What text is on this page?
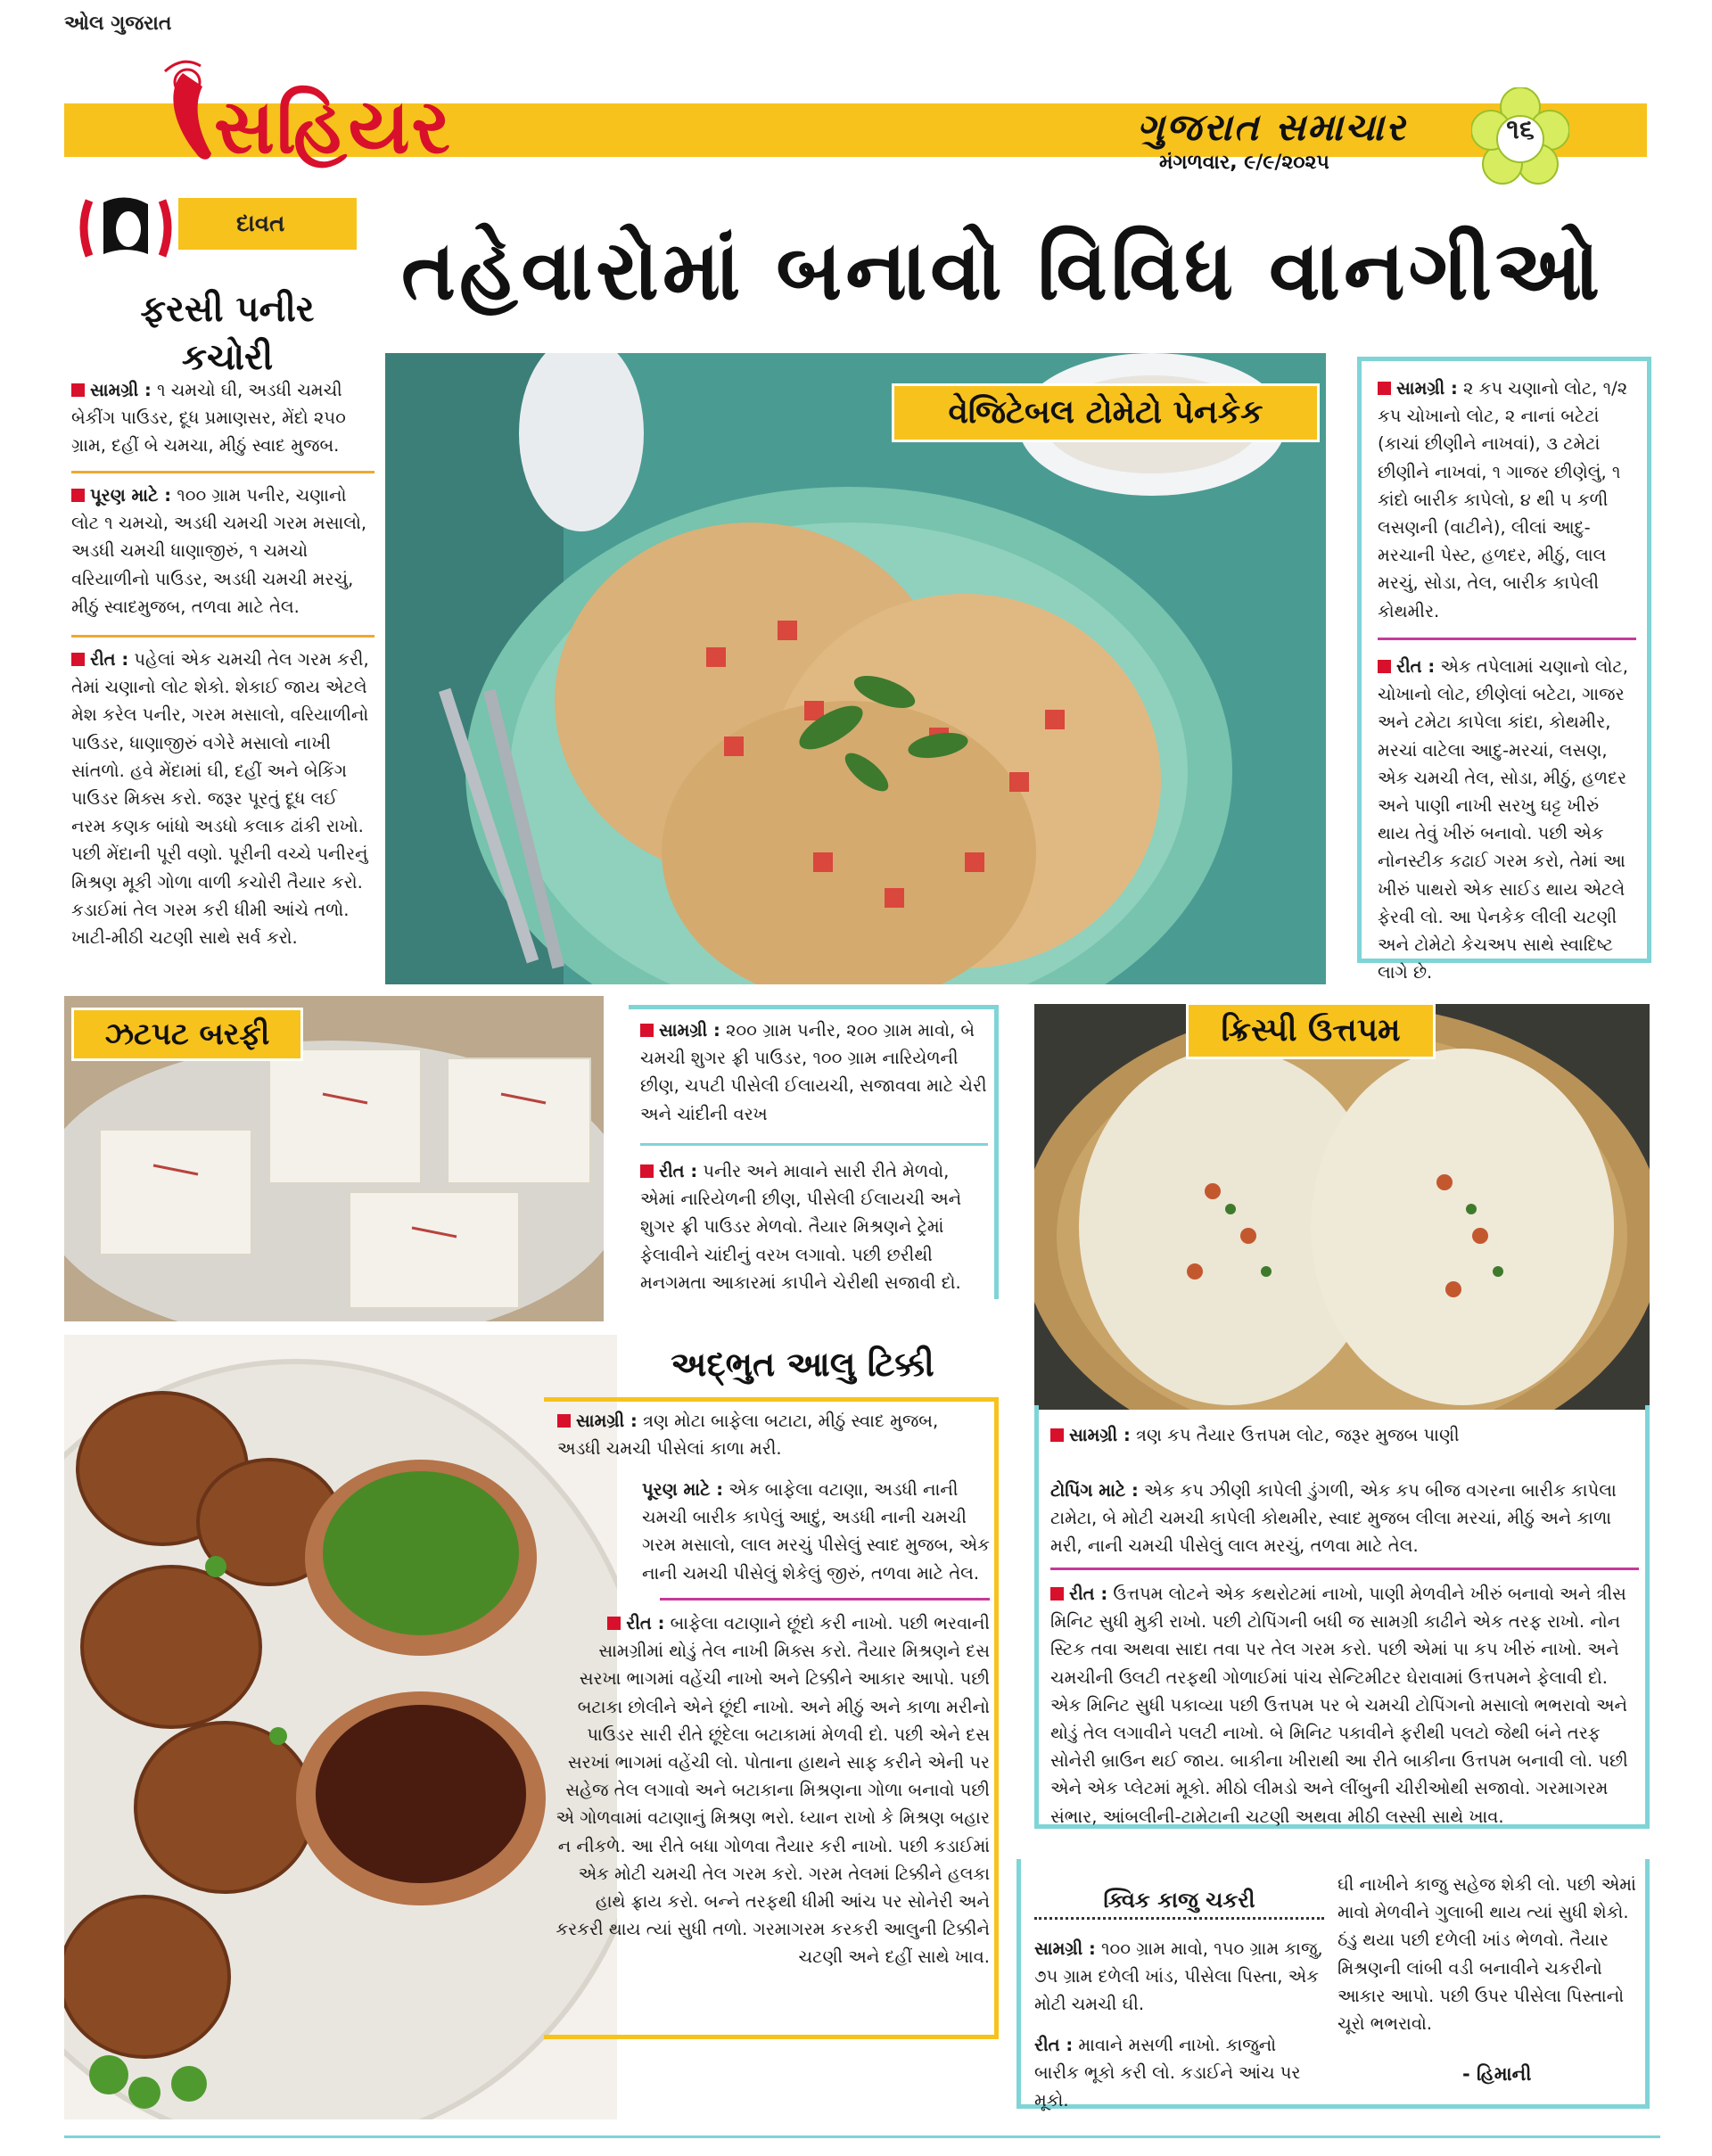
ઓલ ગુજરાત
સહિયર	ગુજરાત સમાચાર
મંગળવાર, ૯/૯/૨૦૨૫
૧૬
દાવત તહેવારોમાં બનાવો વિવિધ વાનગીઓ
ફરસી પનીર
કચોરી
સામગ્રી : ૧ ચમચો ઘી, અડધી ચમચી બેકીંગ પાઉડર, દૂધ પ્રમાણસર, મેંદો ૨૫૦ ગ્રામ, દહીં બે ચમચા, મીઠું સ્વાદ મુજબ.
પૂરણ માટે : ૧૦૦ ગ્રામ પનીર, ચણાનો લોટ ૧ ચમચો, અડધી ચમચી ગરમ મસાલો, અડધી ચમચી ધાણાજીરું, ૧ ચમચો વરિયાળીનો પાઉડર, અડધી ચમચી મરચું, મીઠું સ્વાદમુજબ, તળવા માટે તેલ.
રીત : પહેલાં એક ચમચી તેલ ગરમ કરી, તેમાં ચણાનો લોટ શેકો. શેકાઈ જાય એટલે મેશ કરેલ પનીર, ગરમ મસાલો, વરિયાળીનો પાઉડર, ધાણાજીરું વગેરે મસાલો નાખી સાંતળો. હવે મેંદામાં ઘી, દહીં અને બેકિંગ પાઉડર મિક્સ કરો. જરૂર પૂરતું દૂધ લઈ નરમ કણક બાંધો અડધો કલાક ઢાંકી રાખો. પછી મેંદાની પૂરી વણો. પૂરીની વચ્ચે પનીરનું મિશ્રણ મૂકી ગોળા વાળી કચોરી તૈયાર કરો. કડાઈમાં તેલ ગરમ કરી ધીમી આંચે તળો. ખાટી-મીઠી ચટણી સાથે સર્વ કરો.
વેજિટેબલ ટોમેટો પેનકેક
સામગ્રી : ૨ કપ ચણાનો લોટ, ૧/૨ કપ ચોખાનો લોટ, ૨ નાનાં બટેટાં (કાચાં છીણીને નાખવાં), ૩ ટમેટાં છીણીને નાખવાં, ૧ ગાજર છીણેલું, ૧ કાંદો બારીક કાપેલો, ૪ થી ૫ કળી લસણની (વાટીને), લીલાં આદુ-મરચાની પેસ્ટ, હળદર, મીઠું, લાલ મરચું, સોડા, તેલ, બારીક કાપેલી કોથમીર.
રીત : એક તપેલામાં ચણાનો લોટ, ચોખાનો લોટ, છીણેલાં બટેટા, ગાજર અને ટમેટા કાપેલા કાંદા, કોથમીર, મરચાં વાટેલા આદુ-મરચાં, લસણ, એક ચમચી તેલ, સોડા, મીઠું, હળદર અને પાણી નાખી સરખુ ઘટ્ટ ખીરું થાય તેવું ખીરું બનાવો. પછી એક નોનસ્ટીક કઢાઈ ગરમ કરો, તેમાં આ ખીરું પાથરો એક સાઈડ થાય એટલે ફેરવી લો. આ પેનકેક લીલી ચટણી અને ટોમેટો કેચઅપ સાથે સ્વાદિષ્ટ લાગે છે.
ઝટપટ બરફી	સામગ્રી : ૨૦૦ ગ્રામ પનીર, ૨૦૦ ગ્રામ માવો, બે ચમચી શુગર ફ્રી પાઉડર, ૧૦૦ ગ્રામ નારિયેળની છીણ, ચપટી પીસેલી ઈલાયચી, સજાવવા માટે ચેરી અને ચાંદીની વરખ
રીત : પનીર અને માવાને સારી રીતે મેળવો, એમાં નારિયેળની છીણ, પીસેલી ઈલાયચી અને શુગર ફ્રી પાઉડર મેળવો. તૈયાર મિશ્રણને ટ્રેમાં ફેલાવીને ચાંદીનું વરખ લગાવો. પછી છરીથી મનગમતા આકારમાં કાપીને ચેરીથી સજાવી દો.
ક્રિસ્પી ઉત્તપમ
સામગ્રી : ત્રણ કપ તૈયાર ઉત્તપમ લોટ, જરૂર મુજબ પાણી
ટોપિંગ માટે : એક કપ ઝીણી કાપેલી ડુંગળી, એક કપ બીજ વગરના બારીક કાપેલા ટામેટા, બે મોટી ચમચી કાપેલી કોથમીર, સ્વાદ મુજબ લીલા મરચાં, મીઠું અને કાળા મરી, નાની ચમચી પીસેલું લાલ મરચું, તળવા માટે તેલ.
રીત : ઉત્તપમ લોટને એક કથરોટમાં નાખો, પાણી મેળવીને ખીરું બનાવો અને ત્રીસ મિનિટ સુધી મુકી રાખો. પછી ટોપિંગની બધી જ સામગ્રી કાઢીને એક તરફ રાખો. નોન સ્ટિક તવા અથવા સાદા તવા પર તેલ ગરમ કરો. પછી એમાં પા કપ ખીરું નાખો. અને ચમચીની ઉલટી તરફથી ગોળાઈમાં પાંચ સેન્ટિમીટર ઘેરાવામાં ઉત્તપમને ફેલાવી દો. એક મિનિટ સુધી પકાવ્યા પછી ઉત્તપમ પર બે ચમચી ટોપિંગનો મસાલો ભભરાવો અને થોડું તેલ લગાવીને પલટી નાખો. બે મિનિટ પકાવીને ફરીથી પલટો જેથી બંને તરફ સોનેરી બ્રાઉન થઈ જાય. બાકીના ખીરાથી આ રીતે બાકીના ઉત્તપમ બનાવી લો. પછી એને એક પ્લેટમાં મૂકો. મીઠો લીમડો અને લીંબુની ચીરીઓથી સજાવો. ગરમાગરમ સંભાર, આંબલીની-ટામેટાની ચટણી અથવા મીઠી લસ્સી સાથે ખાવ.
અદ્ભુત આલુ ટિક્કી
સામગ્રી : ત્રણ મોટા બાફેલા બટાટા, મીઠું સ્વાદ મુજબ, અડધી ચમચી પીસેલાં કાળા મરી.
પૂરણ માટે : એક બાફેલા વટાણા, અડધી નાની ચમચી બારીક કાપેલું આદું, અડધી નાની ચમચી ગરમ મસાલો, લાલ મરચું પીસેલું સ્વાદ મુજબ, એક નાની ચમચી પીસેલું શેકેલું જીરું, તળવા માટે તેલ.
રીત : બાફેલા વટાણાને છૂંદો કરી નાખો. પછી ભરવાની સામગ્રીમાં થોડું તેલ નાખી મિક્સ કરો. તૈયાર મિશ્રણને દસ સરખા ભાગમાં વહેંચી નાખો અને ટિક્કીને આકાર આપો. પછી બટાકા છોલીને એને છૂંદી નાખો. અને મીઠું અને કાળા મરીનો પાઉડર સારી રીતે છૂંદેલા બટાકામાં મેળવી દો. પછી એને દસ સરખાં ભાગમાં વહેંચી લો. પોતાના હાથને સાફ કરીને એની પર સહેજ તેલ લગાવો અને બટાકાના મિશ્રણના ગોળા બનાવો પછી એ ગોળવામાં વટાણાનું મિશ્રણ ભરો. ધ્યાન રાખો કે મિશ્રણ બહાર ન નીકળે. આ રીતે બધા ગોળવા તૈયાર કરી નાખો. પછી કડાઈમાં એક મોટી ચમચી તેલ ગરમ કરો. ગરમ તેલમાં ટિક્કીને હલકા હાથે ફ્રાય કરો. બન્ને તરફથી ધીમી આંચ પર સોનેરી અને કરકરી થાય ત્યાં સુધી તળો. ગરમાગરમ કરકરી આલુની ટિક્કીને ચટણી અને દહીં સાથે ખાવ.
ક્વિક કાજુ ચકરી
સામગ્રી : ૧૦૦ ગ્રામ માવો, ૧૫૦ ગ્રામ કાજુ, ૭૫ ગ્રામ દળેલી ખાંડ, પીસેલા પિસ્તા, એક મોટી ચમચી ઘી.
રીત : માવાને મસળી નાખો. કાજુનો બારીક ભૂકો કરી લો. કડાઈને આંચ પર મૂકો.
ઘી નાખીને કાજુ સહેજ શેકી લો. પછી એમાં માવો મેળવીને ગુલાબી થાય ત્યાં સુધી શેકો. ઠંડુ થયા પછી દળેલી ખાંડ ભેળવો. તૈયાર મિશ્રણની લાંબી વડી બનાવીને ચકરીનો આકાર આપો. પછી ઉપર પીસેલા પિસ્તાનો ચૂરો ભભરાવો.
- હિમાની
